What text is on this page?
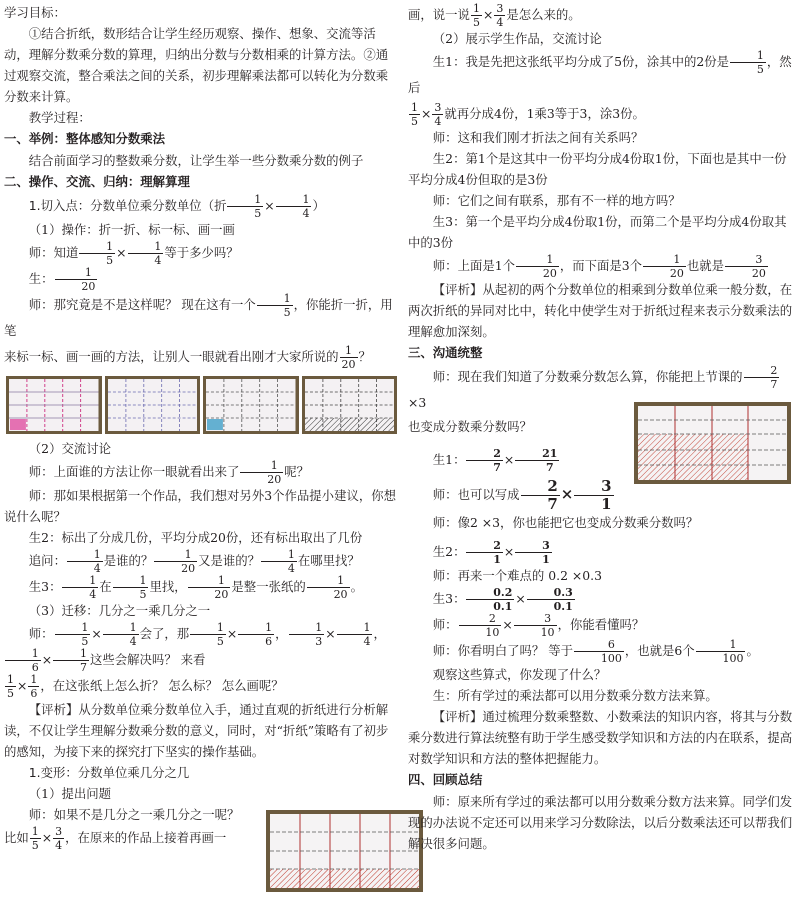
学习目标：

①结合折纸，数形结合让学生经历观察、操作、想象、交流等活动，理解分数乘分数的算理，归纳出分数与分数相乘的计算方法。②通过观察交流，整合乘法之间的关系，初步理解乘法都可以转化为分数乘分数来计算。

教学过程：

一、举例：整体感知分数乘法

结合前面学习的整数乘分数，让学生举一些分数乘分数的例子

二、操作、交流、归纳：理解算理

1.切入点：分数单位乘分数单位（折 $\frac{1}{5} \times \frac{1}{4}$ ）

（1）操作：折一折、标一标、画一画

师：知道 $\frac{1}{5} \times \frac{1}{4}$ 等于多少吗？

生： $\frac{1}{20}$

师：那究竟是不是这样呢？ 现在这有一个 $\frac{1}{5}$ ，你能折一折，用笔

来标一标、画一画的方法，让别人一眼就看出刚才大家所说的 $\frac{1}{20}$ ？

（2）交流讨论

师：上面谁的方法让你一眼就看出来了 $\frac{1}{20}$ 呢？

师：那如果根据第一个作品，我们想对另外3个作品提小建议，你想说什么呢？

生2：标出了分成几份，平均分成20份，还有标出取出了几份

追问： $\frac{1}{4}$ 是谁的？ $\frac{1}{20}$ 又是谁的？ $\frac{1}{4}$ 在哪里找？

生3： $\frac{1}{4}$ 在 $\frac{1}{5}$ 里找， $\frac{1}{20}$ 是整一张纸的 $\frac{1}{20}$ 。

（3）迁移：几分之一乘几分之一

师： $\frac{1}{5} \times \frac{1}{4}$ 会了，那 $\frac{1}{5} \times \frac{1}{6}$ ， $\frac{1}{3} \times \frac{1}{4}$ ，
$\frac{1}{6} \times \frac{1}{7}$ 这些会解决吗？ 来看

$\frac{1}{5} \times \frac{1}{6}$ ，在这张纸上怎么折？ 怎么标？ 怎么画呢？

【评析】从分数单位乘分数单位入手，通过直观的折纸进行分析解读，不仅让学生理解分数乘分数的意义，同时，对“折纸”策略有了初步的感知，为接下来的探究打下坚实的操作基础。

1.变形：分数单位乘几分之几

（1）提出问题

师：如果不是几分之一乘几分之一呢？

比如 $\frac{1}{5} \times \frac{3}{4}$ ，在原来的作品上接着再画一

画，说一说 $\frac{1}{5} \times \frac{3}{4}$ 是怎么来的。

（2）展示学生作品，交流讨论

生1：我是先把这张纸平均分成了5份，涂其中的2份是 $\frac{1}{5}$ ，然后

$\frac{1}{5} \times \frac{3}{4}$ 就再分成4份，1乘3等于3，涂3份。

师：这和我们刚才折法之间有关系吗？

生2：第1个是这其中一份平均分成4份取1份，下面也是其中一份平均分成4份但取的是3份

师：它们之间有联系，那有不一样的地方吗？

生3：第一个是平均分成4份取1份，而第二个是平均分成4份取其中的3份

师：上面是1个 $\frac{1}{20}$ ，而下面是3个 $\frac{1}{20}$ 也就是 $\frac{3}{20}$

【评析】从起初的两个分数单位的相乘到分数单位乘一般分数，在两次折纸的异同对比中，转化中使学生对于折纸过程来表示分数乘法的理解愈加深刻。

三、沟通统整

师：现在我们知道了分数乘分数怎么算，你能把上节课的 $\frac{2}{7}$
×3

也变成分数乘分数吗？

生1： $\frac{2}{7} \times \frac{21}{7}$

师：也可以写成 $\frac{2}{7} \times \frac{3}{1}$

师：像2 ×3，你也能把它也变成分数乘分数吗？

生2： $\frac{2}{1} \times \frac{3}{1}$

师：再来一个难点的 0.2 ×0.3

生3： $\frac{0.2}{0.1} \times \frac{0.3}{0.1}$

师： $\frac{2}{10} \times \frac{3}{10}$ ，你能看懂吗？

师：你看明白了吗？ 等于 $\frac{6}{100}$ ，也就是6个 $\frac{1}{100}$ 。

观察这些算式，你发现了什么？

生：所有学过的乘法都可以用分数乘分数方法来算。

【评析】通过梳理分数乘整数、小数乘法的知识内容，将其与分数乘分数进行算法统整有助于学生感受数学知识和方法的内在联系，提高对数学知识和方法的整体把握能力。

四、回顾总结

师：原来所有学过的乘法都可以用分数乘分数方法来算。同学们发现的办法说不定还可以用来学习分数除法，以后分数乘法还可以帮我们解决很多问题。
